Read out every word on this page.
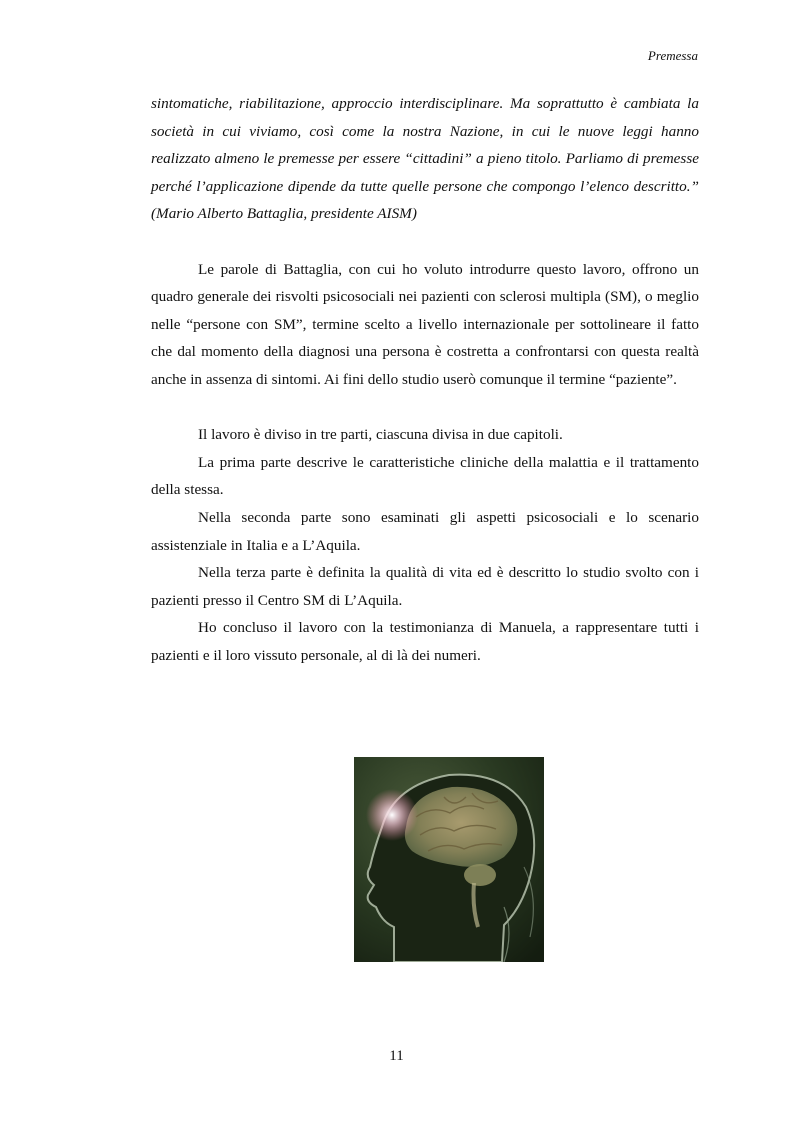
Premessa

sintomatiche, riabilitazione, approccio interdisciplinare. Ma soprattutto è cambiata la società in cui viviamo, così come la nostra Nazione, in cui le nuove leggi hanno realizzato almeno le premesse per essere “cittadini” a pieno titolo. Parliamo di premesse perché l’applicazione dipende da tutte quelle persone che compongo l’elenco descritto.” (Mario Alberto Battaglia, presidente AISM)

Le parole di Battaglia, con cui ho voluto introdurre questo lavoro, offrono un quadro generale dei risvolti psicosociali nei pazienti con sclerosi multipla (SM), o meglio nelle “persone con SM”, termine scelto a livello internazionale per sottolineare il fatto che dal momento della diagnosi una persona è costretta a confrontarsi con questa realtà anche in assenza di sintomi. Ai fini dello studio userò comunque il termine “paziente”.

Il lavoro è diviso in tre parti, ciascuna divisa in due capitoli.

La prima parte descrive le caratteristiche cliniche della malattia e il trattamento della stessa.

Nella seconda parte sono esaminati gli aspetti psicosociali e lo scenario assistenziale in Italia e a L’Aquila.

Nella terza parte è definita la qualità di vita ed è descritto lo studio svolto con i pazienti presso il Centro SM di L’Aquila.

Ho concluso il lavoro con la testimonianza di Manuela, a rappresentare tutti i pazienti e il loro vissuto personale, al di là dei numeri.

11
